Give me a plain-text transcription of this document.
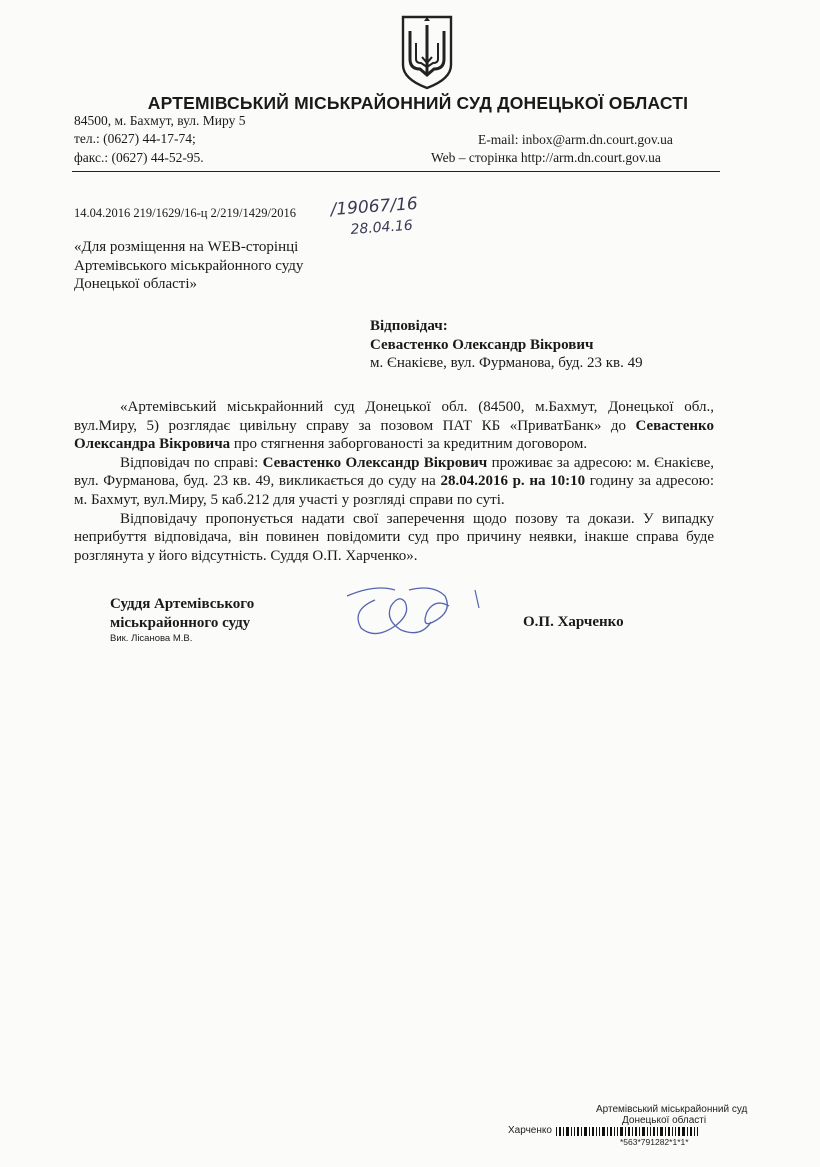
АРТЕМІВСЬКИЙ МІСЬКРАЙОННИЙ СУД ДОНЕЦЬКОЇ ОБЛАСТІ
84500, м. Бахмут, вул. Миру 5
тел.: (0627) 44-17-74;
факс.: (0627) 44-52-95.
E-mail: inbox@arm.dn.court.gov.ua
Web – сторінка http://arm.dn.court.gov.ua
14.04.2016 219/1629/16-ц 2/219/1429/2016 /19067/16
28.04.16
«Для розміщення на WEB-сторінці
Артемівського міськрайонного суду
Донецької області»
Відповідач:
Севастенко Олександр Вікрович
м. Єнакієве, вул. Фурманова, буд. 23 кв. 49

«Артемівський міськрайонний суд Донецької обл. (84500, м.Бахмут, Донецької обл., вул.Миру, 5) розглядає цивільну справу за позовом ПАТ КБ «ПриватБанк» до Севастенко Олександра Вікровича про стягнення заборгованості за кредитним договором.

Відповідач по справі: Севастенко Олександр Вікрович проживає за адресою: м. Єнакієве, вул. Фурманова, буд. 23 кв. 49, викликається до суду на 28.04.2016 р. на 10:10 годину за адресою: м. Бахмут, вул.Миру, 5 каб.212 для участі у розгляді справи по суті.

Відповідачу пропонується надати свої заперечення щодо позову та докази. У випадку неприбуття відповідача, він повинен повідомити суд про причину неявки, інакше справа буде розглянута у його відсутність. Суддя О.П. Харченко».

Суддя Артемівського
міськрайонного суду
Вик. Лісанова М.В.
О.П. Харченко
Артемівський міськрайонний суд
Донецької області
Харченко
*563*791282*1*1*
